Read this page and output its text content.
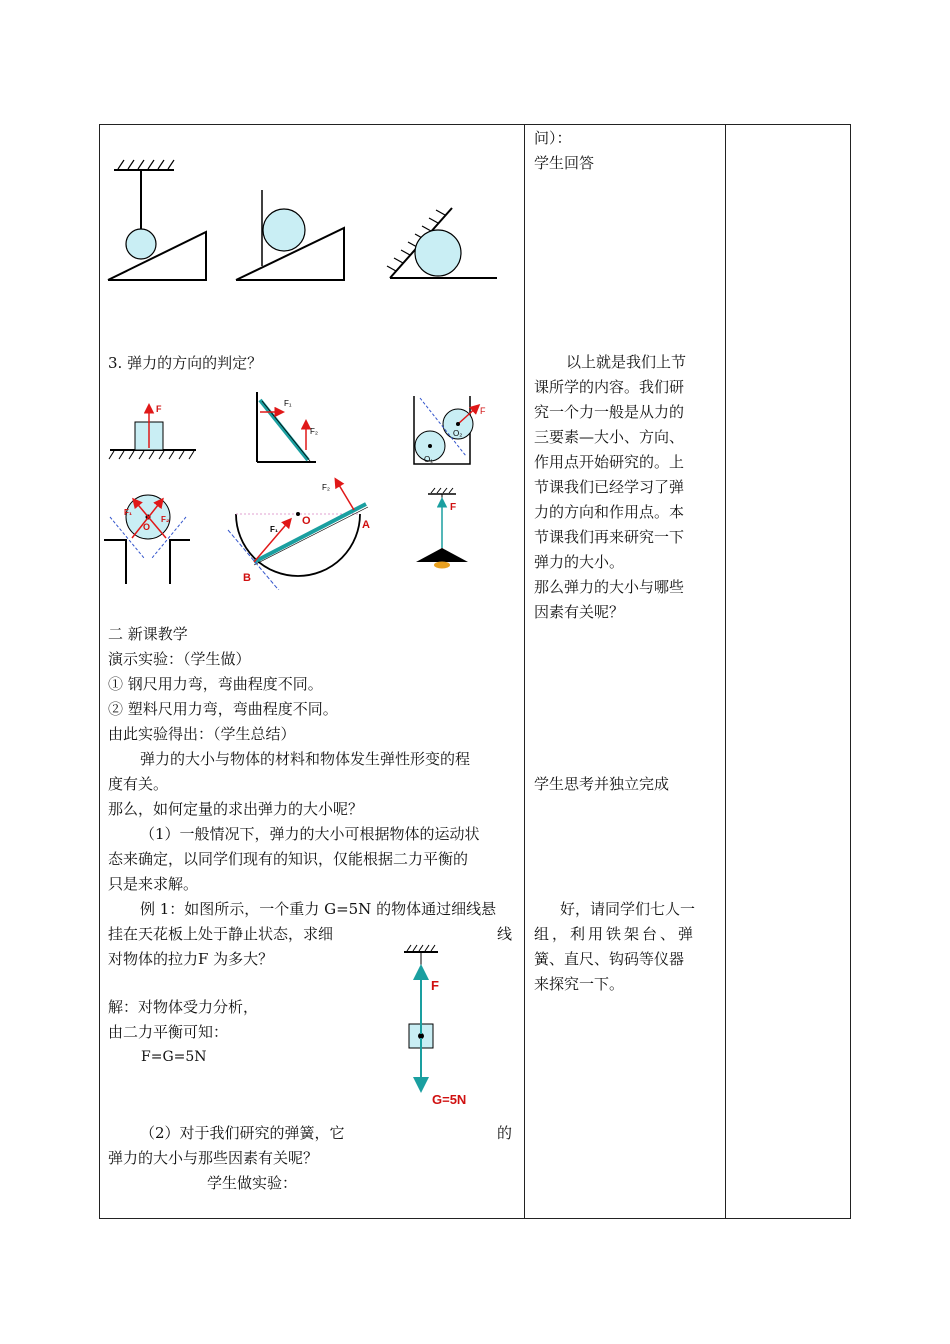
3. 弹力的方向的判定？
F
F₁
F₂
F
O₁
O₂
F₁
F₂
O	F₁
F₂
O	A
B
F
二 新课教学
演示实验：（学生做）
① 钢尺用力弯，弯曲程度不同。
② 塑料尺用力弯，弯曲程度不同。
由此实验得出：（学生总结）
弹力的大小与物体的材料和物体发生弹性形变的程
度有关。
那么，如何定量的求出弹力的大小呢？
（1）一般情况下，弹力的大小可根据物体的运动状
态来确定，以同学们现有的知识，仅能根据二力平衡的
只是来求解。
例 1：如图所示，一个重力 G=5N 的物体通过细线悬
挂在天花板上处于静止状态，求细	线
对物体的拉力F 为多大？
解：对物体受力分析，
由二力平衡可知：
F=G=5N
F
G=5N
（2）对于我们研究的弹簧，它	的
弹力的大小与那些因素有关呢？
学生做实验：
问）：
学生回答
以上就是我们上节
课所学的内容。我们研
究一个力一般是从力的
三要素—大小、方向、
作用点开始研究的。上
节课我们已经学习了弹
力的方向和作用点。本
节课我们再来研究一下
弹力的大小。
那么弹力的大小与哪些
因素有关呢？
学生思考并独立完成
好，请同学们七人一
组，利用铁架台、弹
簧、直尺、钩码等仪器
来探究一下。
